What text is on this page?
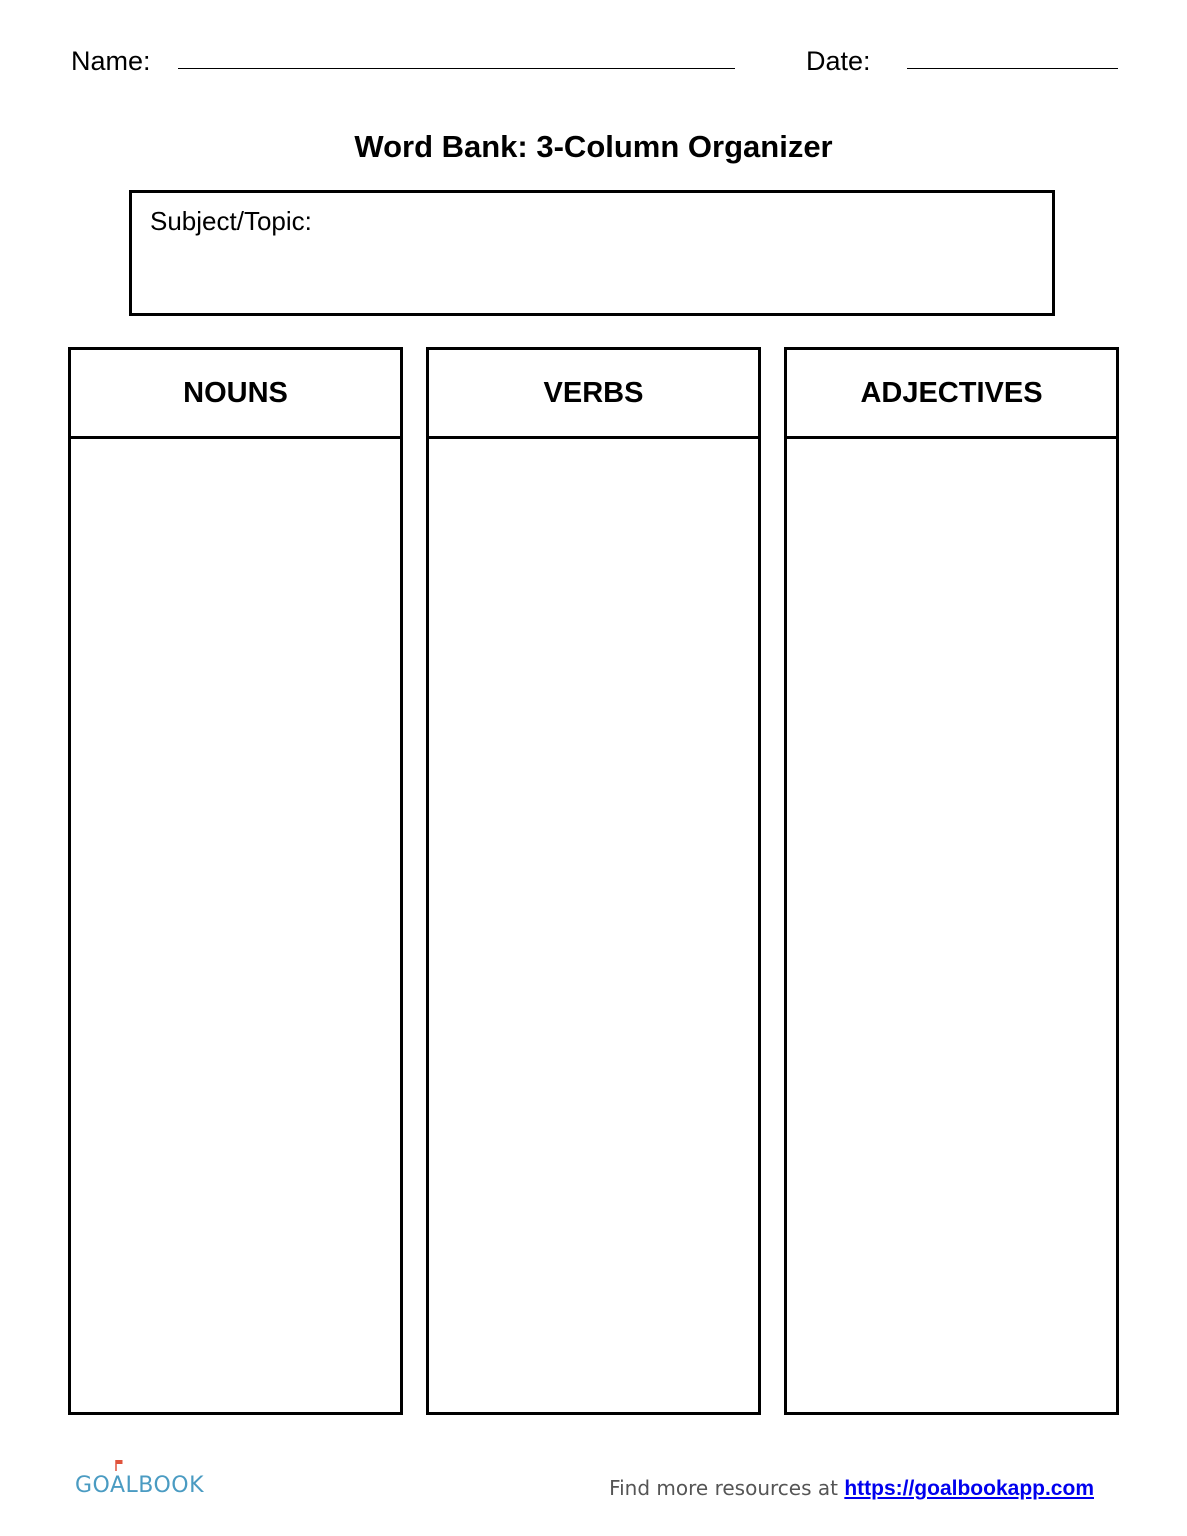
Name:	Date:
Word Bank: 3-Column Organizer
Subject/Topic:
NOUNS	VERBS	ADJECTIVES
GOALBOOK	Find more resources at https://goalbookapp.com
